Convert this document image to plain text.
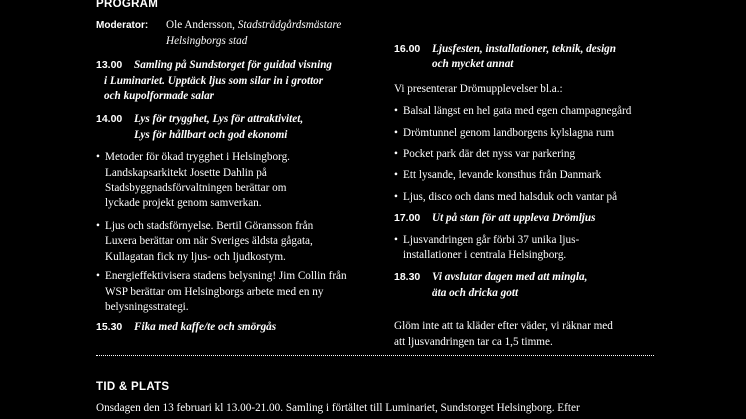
PROGRAM
Moderator:	Ole Andersson, Stadsträdgårdsmästare
Helsingborgs stad
13.00	Samling på Sundstorget för guidad visning
i Luminariet. Upptäck ljus som silar in i grottor
och kupolformade salar
14.00	Lys för trygghet, Lys för attraktivitet,
Lys för hållbart och god ekonomi
• Metoder för ökad trygghet i Helsingborg.
Landskapsarkitekt Josette Dahlin på
Stadsbyggnadsförvaltningen berättar om
lyckade projekt genom samverkan.
• Ljus och stadsförnyelse. Bertil Göransson från
Luxera berättar om när Sveriges äldsta gågata,
Kullagatan fick ny ljus- och ljudkostym.
• Energieffektivisera stadens belysning! Jim Collin från
WSP berättar om Helsingborgs arbete med en ny
belysningsstrategi.
15.30	Fika med kaffe/te och smörgås
16.00	Ljusfesten, installationer, teknik, design
och mycket annat
Vi presenterar Drömupplevelser bl.a.:
• Balsal längst en hel gata med egen champagnegård
• Drömtunnel genom landborgens kylslagna rum
• Pocket park där det nyss var parkering
• Ett lysande, levande konsthus från Danmark
• Ljus, disco och dans med halsduk och vantar på
17.00	Ut på stan för att uppleva Drömljus
• Ljusvandringen går förbi 37 unika ljus-
installationer i centrala Helsingborg.
18.30	Vi avslutar dagen med att mingla,
äta och dricka gott
Glöm inte att ta kläder efter väder, vi räknar med
att ljusvandringen tar ca 1,5 timme.
TID & PLATS
Onsdagen den 13 februari kl 13.00-21.00. Samling i förtältet till Luminariet, Sundstorget Helsingborg. Efter
